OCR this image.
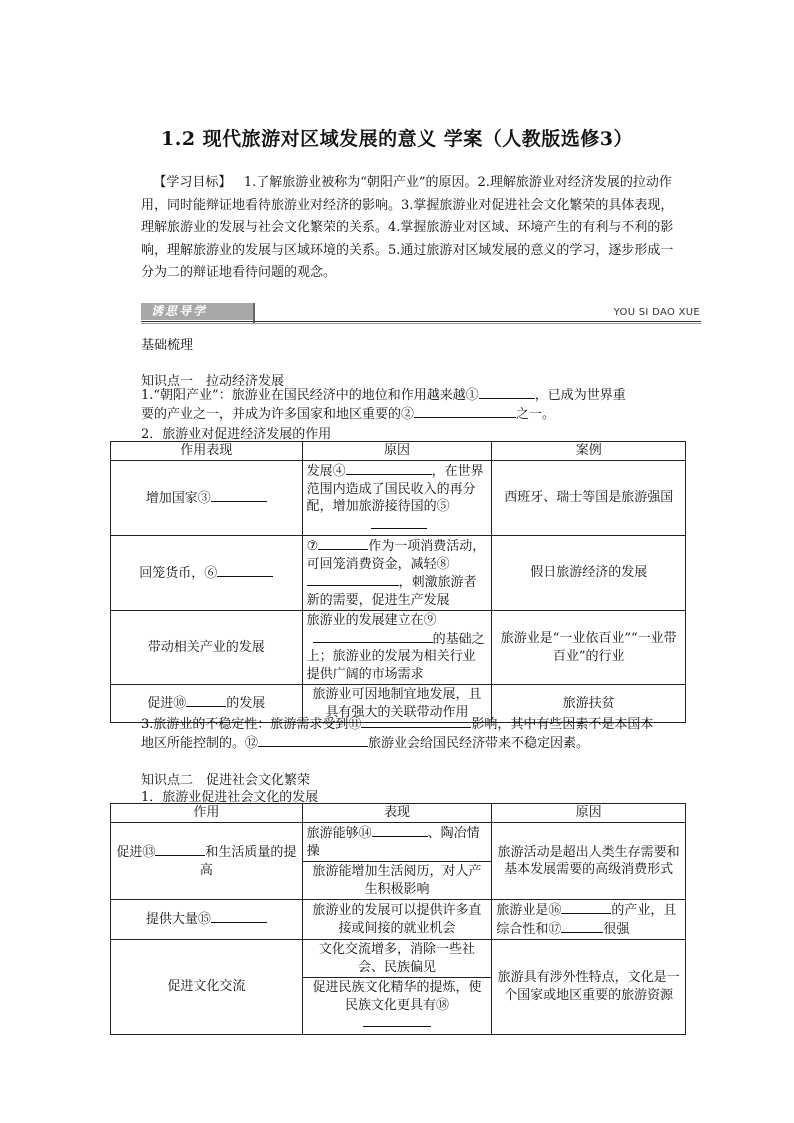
1.2 现代旅游对区域发展的意义 学案（人教版选修3）
【学习目标】 1.了解旅游业被称为“朝阳产业”的原因。2.理解旅游业对经济发展的拉动作用，同时能辩证地看待旅游业对经济的影响。3.掌握旅游业对促进社会文化繁荣的具体表现，理解旅游业的发展与社会文化繁荣的关系。4.掌握旅游业对区域、环境产生的有利与不利的影响，理解旅游业的发展与区域环境的关系。5.通过旅游对区域发展的意义的学习，逐步形成一分为二的辩证地看待问题的观念。
诱思导学	YOU SI DAO XUE
基础梳理
知识点一　拉动经济发展
1.“朝阳产业”：旅游业在国民经济中的地位和作用越来越①	，已成为世界重
要的产业之一，并成为许多国家和地区重要的②	之一。
2．旅游业对促进经济发展的作用
作用表现	原因	案例
增加国家③	发展④ ，在世界范围内造成了国民收入的再分配，增加旅游接待国的⑤	西班牙、瑞士等国是旅游强国
回笼货币，⑥	⑦ 作为一项消费活动，可回笼消费资金，减轻⑧，刺激旅游者新的需要，促进生产发展	假日旅游经济的发展
带动相关产业的发展	旅游业的发展建立在⑨
的基础之上；旅游业的发展为相关行业提供广阔的市场需求	旅游业是“一业依百业”“一业带百业”的行业
促进⑩ 的发展	旅游业可因地制宜地发展，且具有强大的关联带动作用	旅游扶贫
3.旅游业的不稳定性：旅游需求受到⑪	影响，其中有些因素不是本国本
地区所能控制的。⑫	旅游业会给国民经济带来不稳定因素。
知识点二　促进社会文化繁荣
1．旅游业促进社会文化的发展
作用	表现	原因
促进⑬ 和生活质量的提高	旅游能够⑭ 、陶冶情操	旅游活动是超出人类生存需要和基本发展需要的高级消费形式
	旅游能增加生活阅历，对人产生积极影响	
提供大量⑮	旅游业的发展可以提供许多直接或间接的就业机会	旅游业是⑯ 的产业，且综合性和⑰ 很强
促进文化交流	文化交流增多，消除一些社会、民族偏见	旅游具有涉外性特点，文化是一个国家或地区重要的旅游资源
	促进民族文化精华的提炼，使民族文化更具有⑱	
